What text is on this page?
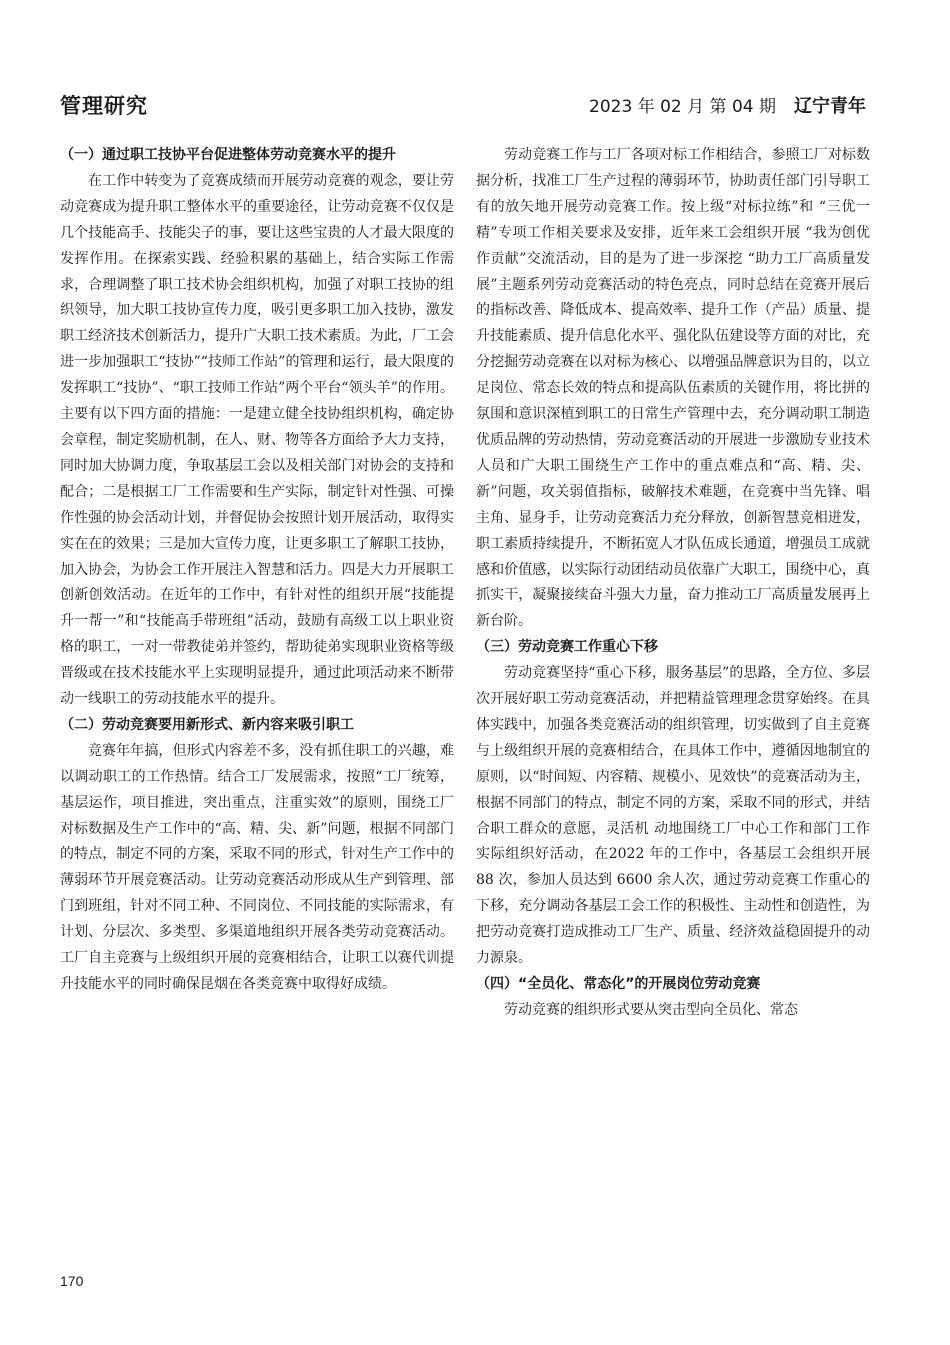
管理研究	2023 年 02 月 第 04 期 辽宁青年
（一）通过职工技协平台促进整体劳动竞赛水平的提升

在工作中转变为了竞赛成绩而开展劳动竞赛的观念，要让劳动竞赛成为提升职工整体水平的重要途径，让劳动竞赛不仅仅是几个技能高手、技能尖子的事，要让这些宝贵的人才最大限度的发挥作用。在探索实践、经验积累的基础上，结合实际工作需求，合理调整了职工技术协会组织机构，加强了对职工技协的组织领导，加大职工技协宣传力度，吸引更多职工加入技协，激发职工经济技术创新活力，提升广大职工技术素质。为此，厂工会进一步加强职工“技协”“技师工作站”的管理和运行，最大限度的发挥职工“技协”、“职工技师工作站”两个平台“领头羊”的作用。主要有以下四方面的措施：一是建立健全技协组织机构，确定协会章程，制定奖励机制，在人、财、物等各方面给予大力支持，同时加大协调力度，争取基层工会以及相关部门对协会的支持和配合；二是根据工厂工作需要和生产实际，制定针对性强、可操作性强的协会活动计划，并督促协会按照计划开展活动，取得实实在在的效果；三是加大宣传力度，让更多职工了解职工技协，加入协会，为协会工作开展注入智慧和活力。四是大力开展职工创新创效活动。在近年的工作中，有针对性的组织开展“技能提升一帮一”和“技能高手带班组”活动，鼓励有高级工以上职业资格的职工，一对一带教徒弟并签约，帮助徒弟实现职业资格等级晋级或在技术技能水平上实现明显提升，通过此项活动来不断带动一线职工的劳动技能水平的提升。

（二）劳动竞赛要用新形式、新内容来吸引职工

竞赛年年搞，但形式内容差不多，没有抓住职工的兴趣，难以调动职工的工作热情。结合工厂发展需求，按照“工厂统筹，基层运作，项目推进，突出重点，注重实效”的原则，围绕工厂对标数据及生产工作中的“高、精、尖、新”问题，根据不同部门的特点，制定不同的方案，采取不同的形式，针对生产工作中的薄弱环节开展竞赛活动。让劳动竞赛活动形成从生产到管理、部门到班组，针对不同工种、不同岗位、不同技能的实际需求，有计划、分层次、多类型、多渠道地组织开展各类劳动竞赛活动。工厂自主竞赛与上级组织开展的竞赛相结合，让职工以赛代训提升技能水平的同时确保昆烟在各类竞赛中取得好成绩。

劳动竞赛工作与工厂各项对标工作相结合，参照工厂对标数据分析，找准工厂生产过程的薄弱环节，协助责任部门引导职工有的放矢地开展劳动竞赛工作。按上级“对标拉练”和 “三优一精”专项工作相关要求及安排，近年来工会组织开展 “我为创优作贡献”交流活动，目的是为了进一步深挖 “助力工厂高质量发展”主题系列劳动竞赛活动的特色亮点，同时总结在竞赛开展后的指标改善、降低成本、提高效率、提升工作（产品）质量、提升技能素质、提升信息化水平、强化队伍建设等方面的对比，充分挖掘劳动竞赛在以对标为核心、以增强品牌意识为目的，以立足岗位、常态长效的特点和提高队伍素质的关键作用，将比拼的氛围和意识深植到职工的日常生产管理中去，充分调动职工制造优质品牌的劳动热情，劳动竞赛活动的开展进一步激励专业技术人员和广大职工围绕生产工作中的重点难点和“高、精、尖、新”问题，攻关弱值指标，破解技术难题，在竞赛中当先锋、唱主角、显身手，让劳动竞赛活力充分释放，创新智慧竞相迸发，职工素质持续提升，不断拓宽人才队伍成长通道，增强员工成就感和价值感，以实际行动团结动员依靠广大职工，围绕中心，真抓实干，凝聚接续奋斗强大力量，奋力推动工厂高质量发展再上新台阶。

（三）劳动竞赛工作重心下移

劳动竞赛坚持“重心下移，服务基层”的思路，全方位、多层次开展好职工劳动竞赛活动，并把精益管理理念贯穿始终。在具体实践中，加强各类竞赛活动的组织管理，切实做到了自主竞赛与上级组织开展的竞赛相结合，在具体工作中，遵循因地制宜的原则，以“时间短、内容精、规模小、见效快”的竞赛活动为主，根据不同部门的特点，制定不同的方案，采取不同的形式，并结合职工群众的意愿，灵活机 动地围绕工厂中心工作和部门工作实际组织好活动，在2022 年的工作中，各基层工会组织开展 88 次，参加人员达到 6600 余人次，通过劳动竞赛工作重心的下移，充分调动各基层工会工作的积极性、主动性和创造性，为把劳动竞赛打造成推动工厂生产、质量、经济效益稳固提升的动力源泉。

（四）“全员化、常态化”的开展岗位劳动竞赛

劳动竞赛的组织形式要从突击型向全员化、常态

170
